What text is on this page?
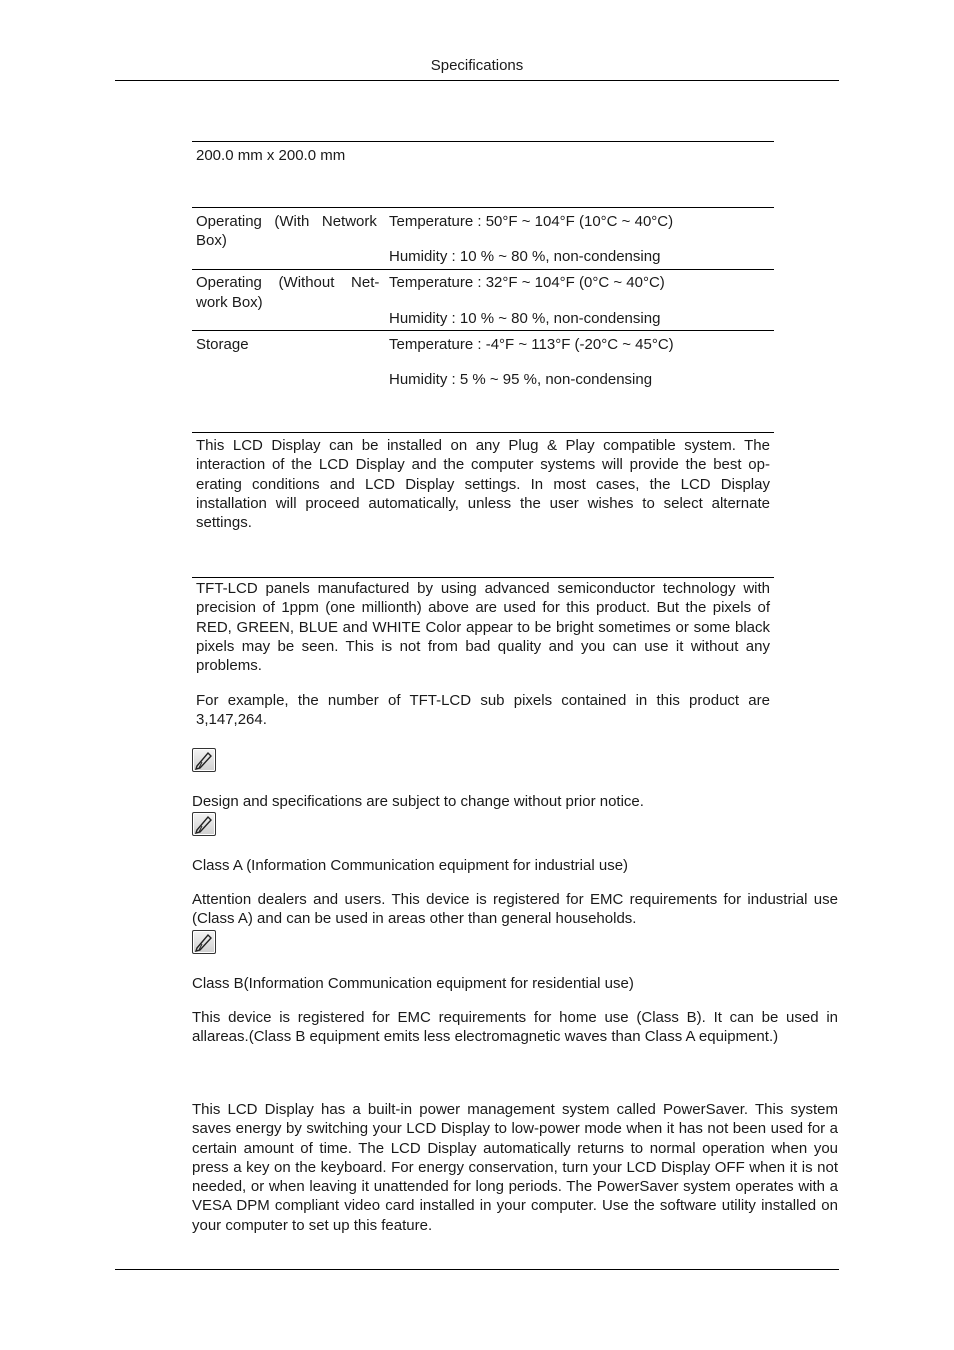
Specifications
200.0 mm x 200.0 mm
Operating   (With   Network
Box)
Temperature : 50°F ~ 104°F (10°C ~ 40°C)
Humidity : 10 % ~ 80 %, non-condensing
Operating    (Without    Net-
work Box)
Temperature : 32°F ~ 104°F (0°C ~ 40°C)
Humidity : 10 % ~ 80 %, non-condensing
Storage	Temperature : -4°F ~ 113°F (-20°C ~ 45°C)
Humidity : 5 % ~ 95 %, non-condensing
This LCD Display can be installed on any Plug & Play compatible system. The interaction of the LCD Display and the computer systems will provide the best op-erating conditions and LCD Display settings. In most cases, the LCD Display installation will proceed automatically, unless the user wishes to select alternate settings.
TFT-LCD panels manufactured by using advanced semiconductor technology with precision of 1ppm (one millionth) above are used for this product. But the pixels of RED, GREEN, BLUE and WHITE Color appear to be bright sometimes or some black pixels may be seen. This is not from bad quality and you can use it without any problems.
For example, the number of TFT-LCD sub pixels contained in this product are 3,147,264.
Design and specifications are subject to change without prior notice.
Class A (Information Communication equipment for industrial use)
Attention dealers and users. This device is registered for EMC requirements for industrial use (Class A) and can be used in areas other than general households.
Class B(Information Communication equipment for residential use)
This device is registered for EMC requirements for home use (Class B). It can be used in allareas.(Class B equipment emits less electromagnetic waves than Class A equipment.)
This LCD Display has a built-in power management system called PowerSaver. This system saves energy by switching your LCD Display to low-power mode when it has not been used for a certain amount of time. The LCD Display automatically returns to normal operation when you press a key on the keyboard. For energy conservation, turn your LCD Display OFF when it is not needed, or when leaving it unattended for long periods. The PowerSaver system operates with a VESA DPM compliant video card installed in your computer. Use the software utility installed on your computer to set up this feature.
